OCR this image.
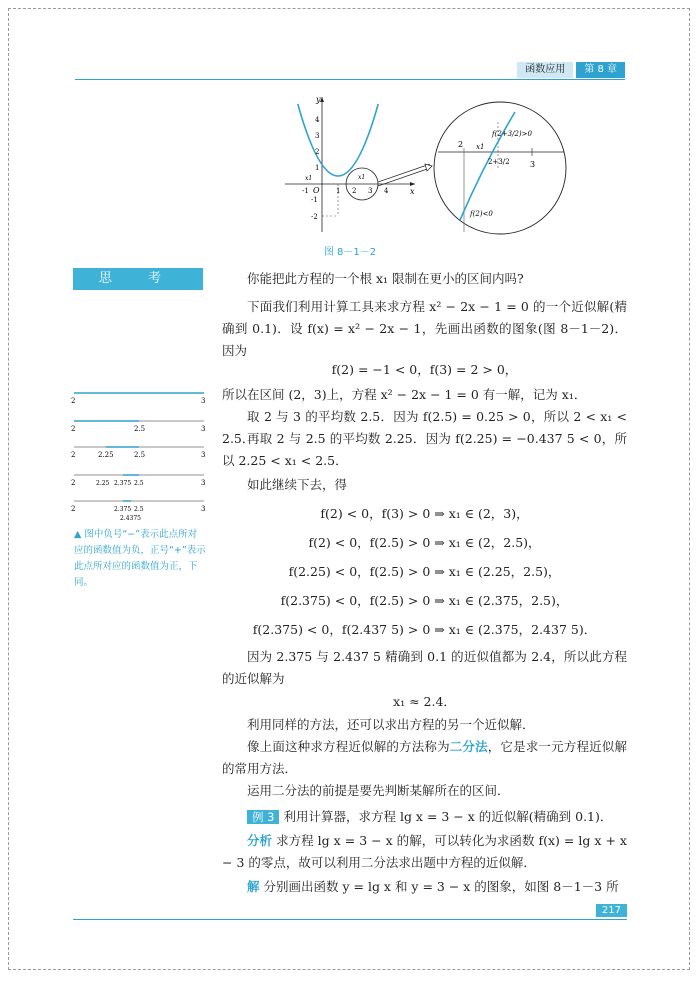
函数应用	第 8 章
y
x
O
-1	1 2 3 4
4
3
2
1
-1
-2
x1	x1
2
3
x1
f(2+3/2)>0
2+3/2
f(2)<0
图 8－1－2
思 考
2	3
2	2.5	3
2	2.25	2.5	3
2	2.25 2.375 2.5	3
2	2.375 2.5	3
2.4375
▲ 图中负号“−”表示此点所对应的函数值为负，正号“+”表示此点所对应的函数值为正，下同。
你能把此方程的一个根 x₁ 限制在更小的区间内吗?
下面我们利用计算工具来求方程 x² − 2x − 1 = 0 的一个近似解(精确到 0.1)．设 f(x) = x² − 2x − 1，先画出函数的图象(图 8－1－2)．因为
f(2) = −1 < 0，f(3) = 2 > 0，
所以在区间 (2，3)上，方程 x² − 2x − 1 = 0 有一解，记为 x₁．
取 2 与 3 的平均数 2.5．因为 f(2.5) = 0.25 > 0，所以 2 < x₁ < 2.5．
再取 2 与 2.5 的平均数 2.25．因为 f(2.25) = −0.437 5 < 0，所以 2.25 < x₁ < 2.5．
如此继续下去，得
f(2) < 0，f(3) > 0 ⇒ x₁ ∈ (2，3)，
f(2) < 0，f(2.5) > 0 ⇒ x₁ ∈ (2，2.5)，
f(2.25) < 0，f(2.5) > 0 ⇒ x₁ ∈ (2.25，2.5)，
f(2.375) < 0，f(2.5) > 0 ⇒ x₁ ∈ (2.375，2.5)，
f(2.375) < 0，f(2.437 5) > 0 ⇒ x₁ ∈ (2.375，2.437 5)．
因为 2.375 与 2.437 5 精确到 0.1 的近似值都为 2.4，所以此方程的近似解为
x₁ ≈ 2.4．
利用同样的方法，还可以求出方程的另一个近似解．
像上面这种求方程近似解的方法称为二分法，它是求一元方程近似解的常用方法．
运用二分法的前提是要先判断某解所在的区间．
例 3 利用计算器，求方程 lg x = 3 − x 的近似解(精确到 0.1)．
分析 求方程 lg x = 3 − x 的解，可以转化为求函数 f(x) = lg x + x − 3 的零点，故可以利用二分法求出题中方程的近似解．
解 分别画出函数 y = lg x 和 y = 3 − x 的图象，如图 8－1－3 所
217
